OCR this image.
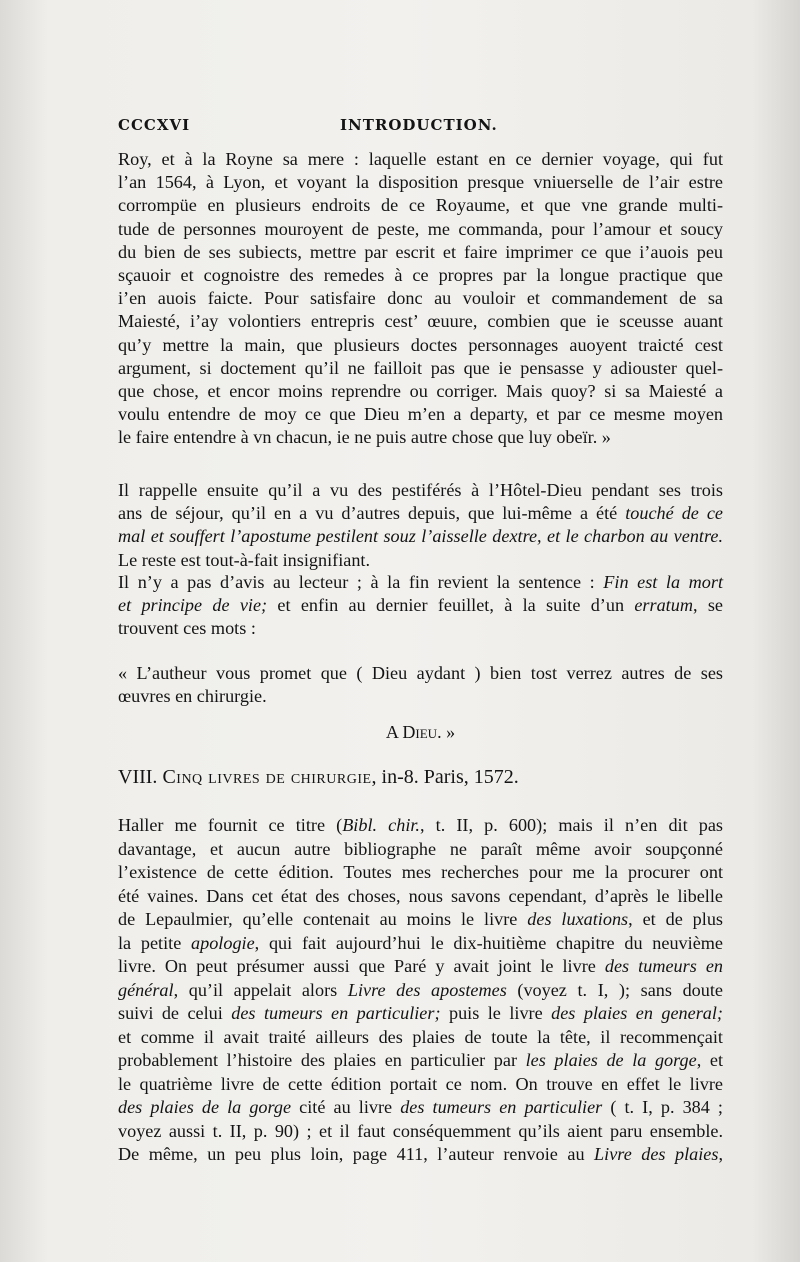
CCCXVI	INTRODUCTION.
Roy, et à la Royne sa mere : laquelle estant en ce dernier voyage, qui fut
l’an 1564, à Lyon, et voyant la disposition presque vniuerselle de l’air estre
corrompüe en plusieurs endroits de ce Royaume, et que vne grande multi-
tude de personnes mouroyent de peste, me commanda, pour l’amour et soucy
du bien de ses subiects, mettre par escrit et faire imprimer ce que i’auois peu
sçauoir et cognoistre des remedes à ce propres par la longue practique que
i’en auois faicte. Pour satisfaire donc au vouloir et commandement de sa
Maiesté, i’ay volontiers entrepris cest’ œuure, combien que ie sceusse auant
qu’y mettre la main, que plusieurs doctes personnages auoyent traicté cest
argument, si doctement qu’il ne failloit pas que ie pensasse y adiouster quel-
que chose, et encor moins reprendre ou corriger. Mais quoy? si sa Maiesté a
voulu entendre de moy ce que Dieu m’en a departy, et par ce mesme moyen
le faire entendre à vn chacun, ie ne puis autre chose que luy obeïr. »
Il rappelle ensuite qu’il a vu des pestiférés à l’Hôtel-Dieu pendant ses trois
ans de séjour, qu’il en a vu d’autres depuis, que lui-même a été touché de ce
mal et souffert l’apostume pestilent souz l’aisselle dextre, et le charbon au ventre.
Le reste est tout-à-fait insignifiant.
Il n’y a pas d’avis au lecteur ; à la fin revient la sentence : Fin est la mort
et principe de vie; et enfin au dernier feuillet, à la suite d’un erratum, se
trouvent ces mots :
« L’autheur vous promet que ( Dieu aydant ) bien tost verrez autres de ses
œuvres en chirurgie.
A Dieu. »
VIII. Cinq livres de chirurgie, in-8. Paris, 1572.
Haller me fournit ce titre (Bibl. chir., t. II, p. 600); mais il n’en dit pas
davantage, et aucun autre bibliographe ne paraît même avoir soupçonné
l’existence de cette édition. Toutes mes recherches pour me la procurer ont
été vaines. Dans cet état des choses, nous savons cependant, d’après le libelle
de Lepaulmier, qu’elle contenait au moins le livre des luxations, et de plus
la petite apologie, qui fait aujourd’hui le dix-huitième chapitre du neuvième
livre. On peut présumer aussi que Paré y avait joint le livre des tumeurs en
général, qu’il appelait alors Livre des apostemes (voyez t. I, ); sans doute
suivi de celui des tumeurs en particulier; puis le livre des plaies en general;
et comme il avait traité ailleurs des plaies de toute la tête, il recommençait
probablement l’histoire des plaies en particulier par les plaies de la gorge, et
le quatrième livre de cette édition portait ce nom. On trouve en effet le livre
des plaies de la gorge cité au livre des tumeurs en particulier ( t. I, p. 384 ;
voyez aussi t. II, p. 90) ; et il faut conséquemment qu’ils aient paru ensemble.
De même, un peu plus loin, page 411, l’auteur renvoie au Livre des plaies,
